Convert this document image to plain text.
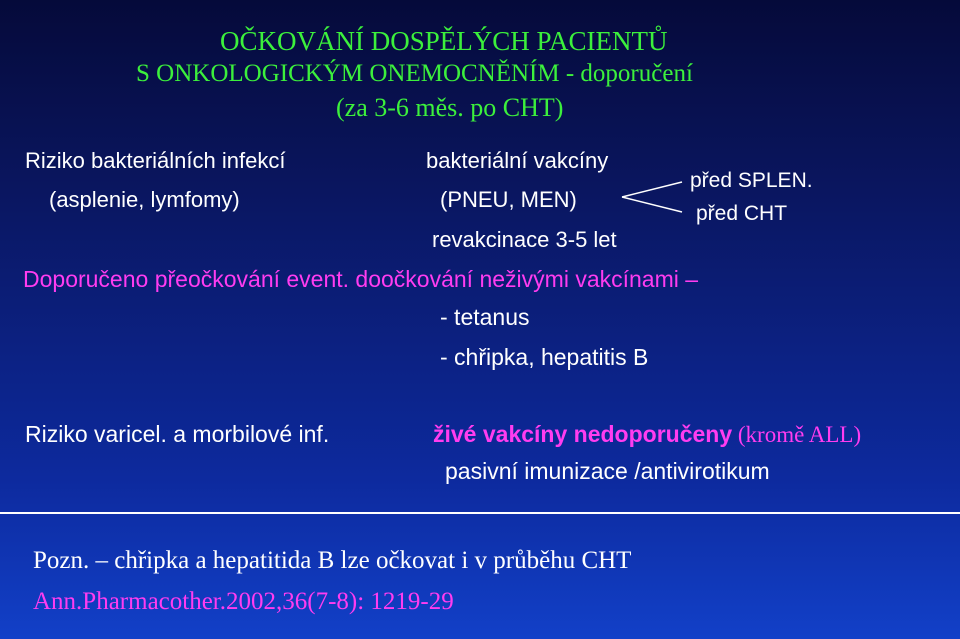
OČKOVÁNÍ DOSPĚLÝCH PACIENTŮ
S ONKOLOGICKÝM ONEMOCNĚNÍM - doporučení
(za 3-6 měs. po CHT)
Riziko bakteriálních infekcí
(asplenie, lymfomy)
bakteriální vakcíny
(PNEU, MEN)
před SPLEN.
před CHT
revakcinace 3-5 let
Doporučeno přeočkování event. doočkování neživými vakcínami –
- tetanus
- chřipka, hepatitis B
Riziko varicel. a morbilové inf.	živé vakcíny nedoporučeny (kromě ALL)
pasivní imunizace /antivirotikum
Pozn. – chřipka a hepatitida B lze očkovat i v průběhu CHT
Ann.Pharmacother.2002,36(7-8): 1219-29
